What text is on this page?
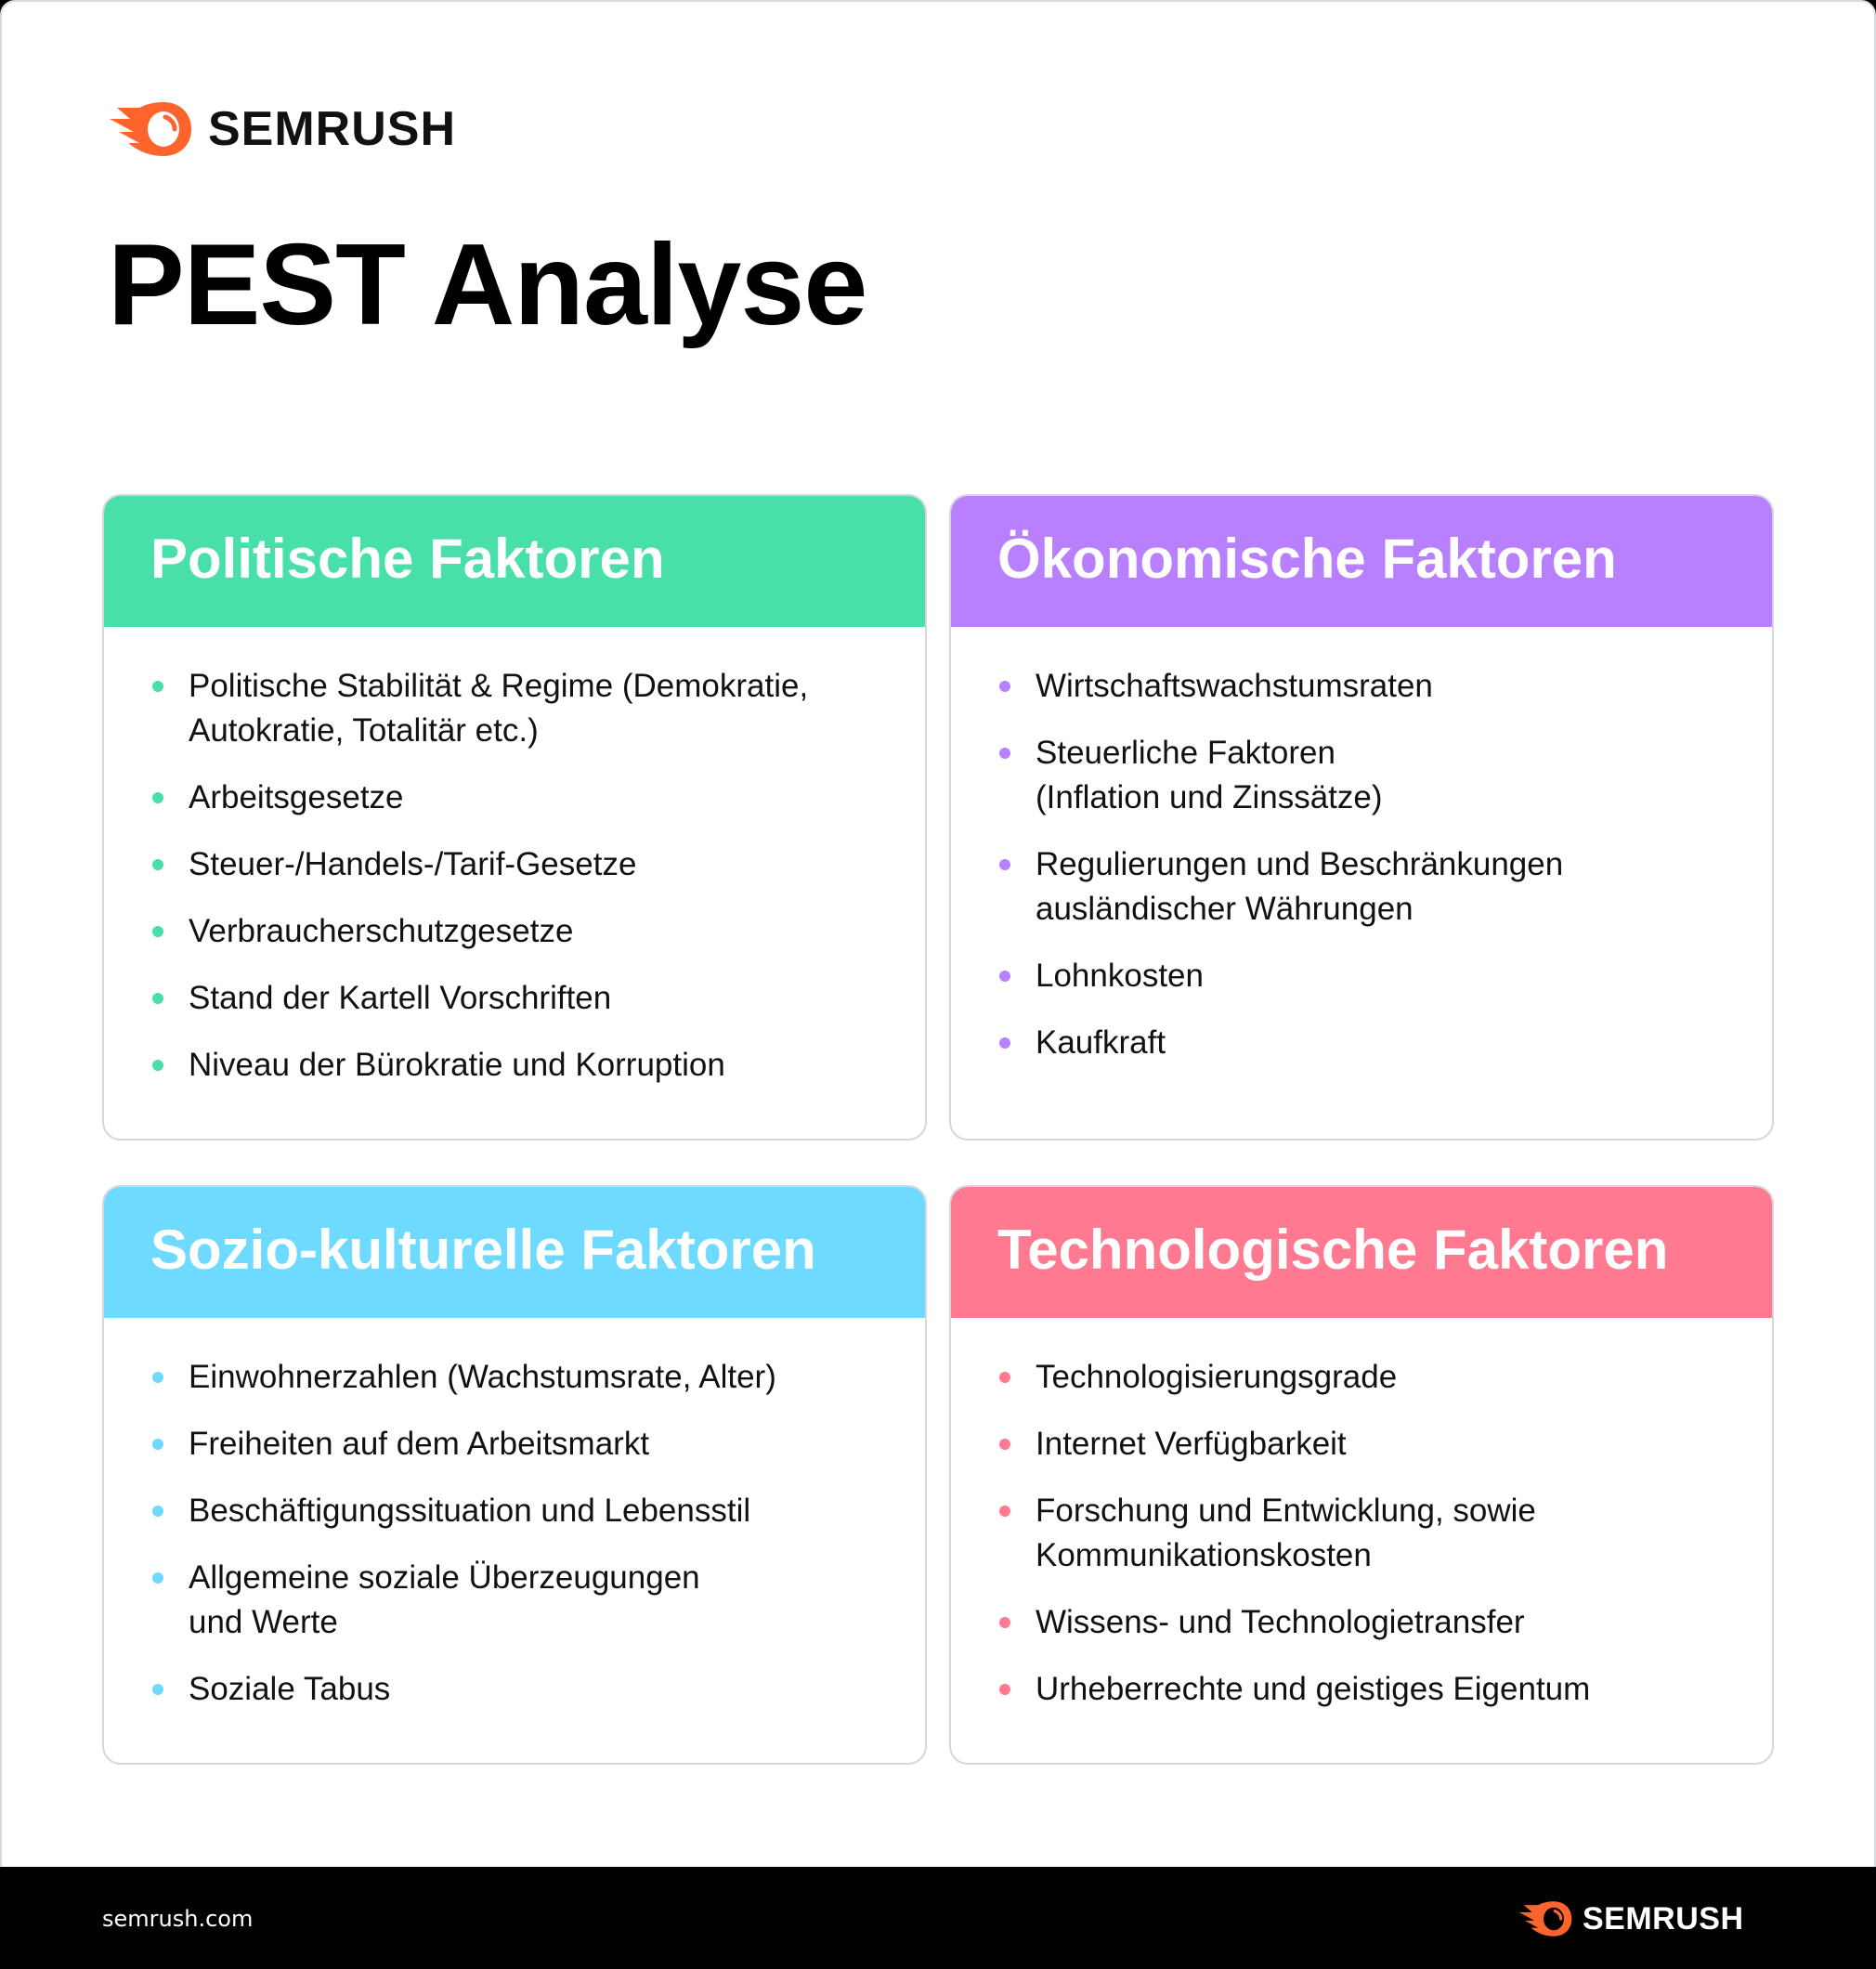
SEMRUSH
PEST Analyse
Politische Faktoren
Politische Stabilität & Regime (Demokratie, Autokratie, Totalitär etc.)
Arbeitsgesetze
Steuer-/Handels-/Tarif-Gesetze
Verbraucherschutzgesetze
Stand der Kartell Vorschriften
Niveau der Bürokratie und Korruption
Ökonomische Faktoren
Wirtschaftswachstumsraten
Steuerliche Faktoren (Inflation und Zinssätze)
Regulierungen und Beschränkungen ausländischer Währungen
Lohnkosten
Kaufkraft
Sozio-kulturelle Faktoren
Einwohnerzahlen (Wachstumsrate, Alter)
Freiheiten auf dem Arbeitsmarkt
Beschäftigungssituation und Lebensstil
Allgemeine soziale Überzeugungen und Werte
Soziale Tabus
Technologische Faktoren
Technologisierungsgrade
Internet Verfügbarkeit
Forschung und Entwicklung, sowie Kommunikationskosten
Wissens- und Technologietransfer
Urheberrechte und geistiges Eigentum
semrush.com	SEMRUSH
